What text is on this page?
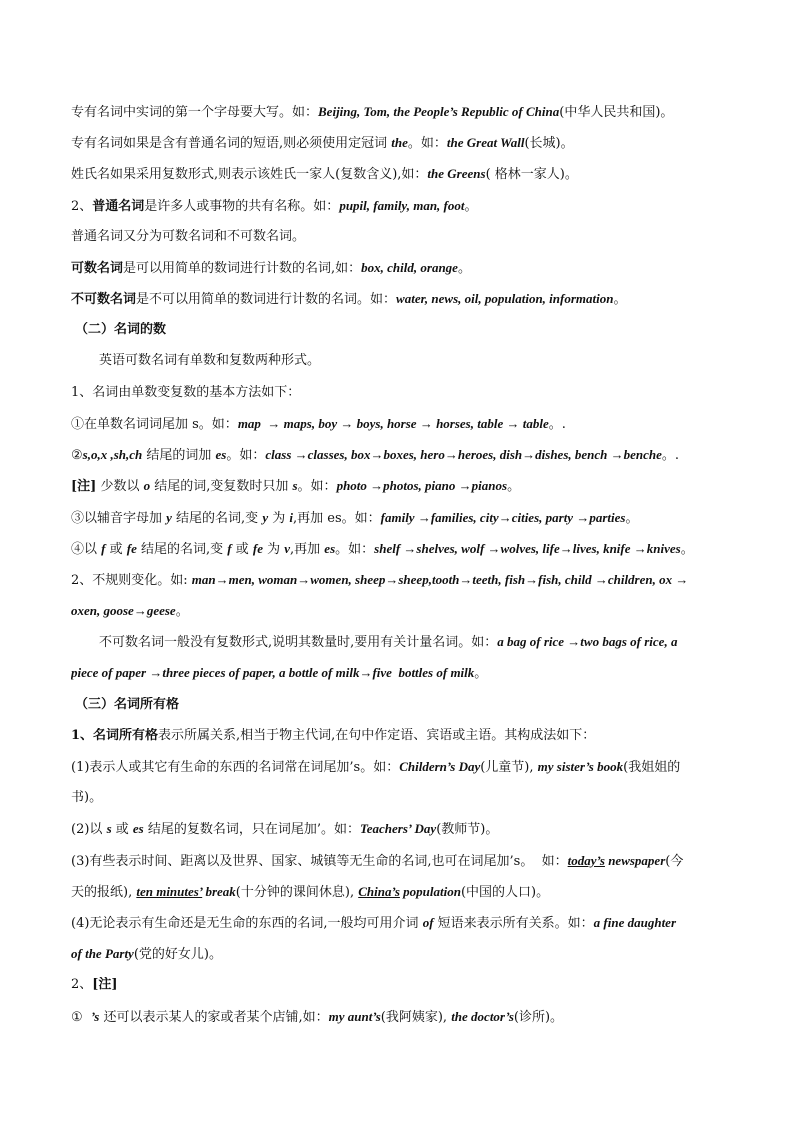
专有名词中实词的第一个字母要大写。如：Beijing, Tom, the People’s Republic of China(中华人民共和国)。
专有名词如果是含有普通名词的短语,则必须使用定冠词 the。如：the Great Wall(长城)。
姓氏名如果采用复数形式,则表示该姓氏一家人(复数含义),如：the Greens( 格林一家人)。
2、普通名词是许多人或事物的共有名称。如：pupil, family, man, foot。
普通名词又分为可数名词和不可数名词。
可数名词是可以用简单的数词进行计数的名词,如：box, child, orange。
不可数名词是不可以用简单的数词进行计数的名词。如：water, news, oil, population, information。
（二）名词的数
英语可数名词有单数和复数两种形式。
1、名词由单数变复数的基本方法如下：
①在单数名词词尾加 s。如：map  → maps, boy → boys, horse → horses, table → table。.
②s,o,x ,sh,ch 结尾的词加 es。如：class →classes, box→boxes, hero→heroes, dish→dishes, bench →benche。.
[注] 少数以 o 结尾的词,变复数时只加 s。如：photo →photos, piano →pianos。
③以辅音字母加 y 结尾的名词,变 y 为 i,再加 es。如：family →families, city→cities, party →parties。
④以 f 或 fe 结尾的名词,变 f 或 fe 为 v,再加 es。如：shelf →shelves, wolf →wolves, life→lives, knife →knives。
2、不规则变化。如: man→men, woman→women, sheep→sheep,tooth→teeth, fish→fish, child →children, ox →
oxen, goose→geese。
不可数名词一般没有复数形式,说明其数量时,要用有关计量名词。如：a bag of rice →two bags of rice, a
piece of paper →three pieces of paper, a bottle of milk→five  bottles of milk。
（三）名词所有格
1、名词所有格表示所属关系,相当于物主代词,在句中作定语、宾语或主语。其构成法如下：
(1)表示人或其它有生命的东西的名词常在词尾加’s。如：Childern’s Day(儿童节), my sister’s book(我姐姐的
书)。
(2)以 s 或 es 结尾的复数名词，只在词尾加’。如：Teachers’ Day(教师节)。
(3)有些表示时间、距离以及世界、国家、城镇等无生命的名词,也可在词尾加’s。  如：today’s newspaper(今
天的报纸), ten minutes’ break(十分钟的课间休息), China’s population(中国的人口)。
(4)无论表示有生命还是无生命的东西的名词,一般均可用介词 of 短语来表示所有关系。如：a fine daughter
of the Party(党的好女儿)。
2、[注]
①  ’s 还可以表示某人的家或者某个店铺,如：my aunt’s(我阿姨家), the doctor’s(诊所)。
